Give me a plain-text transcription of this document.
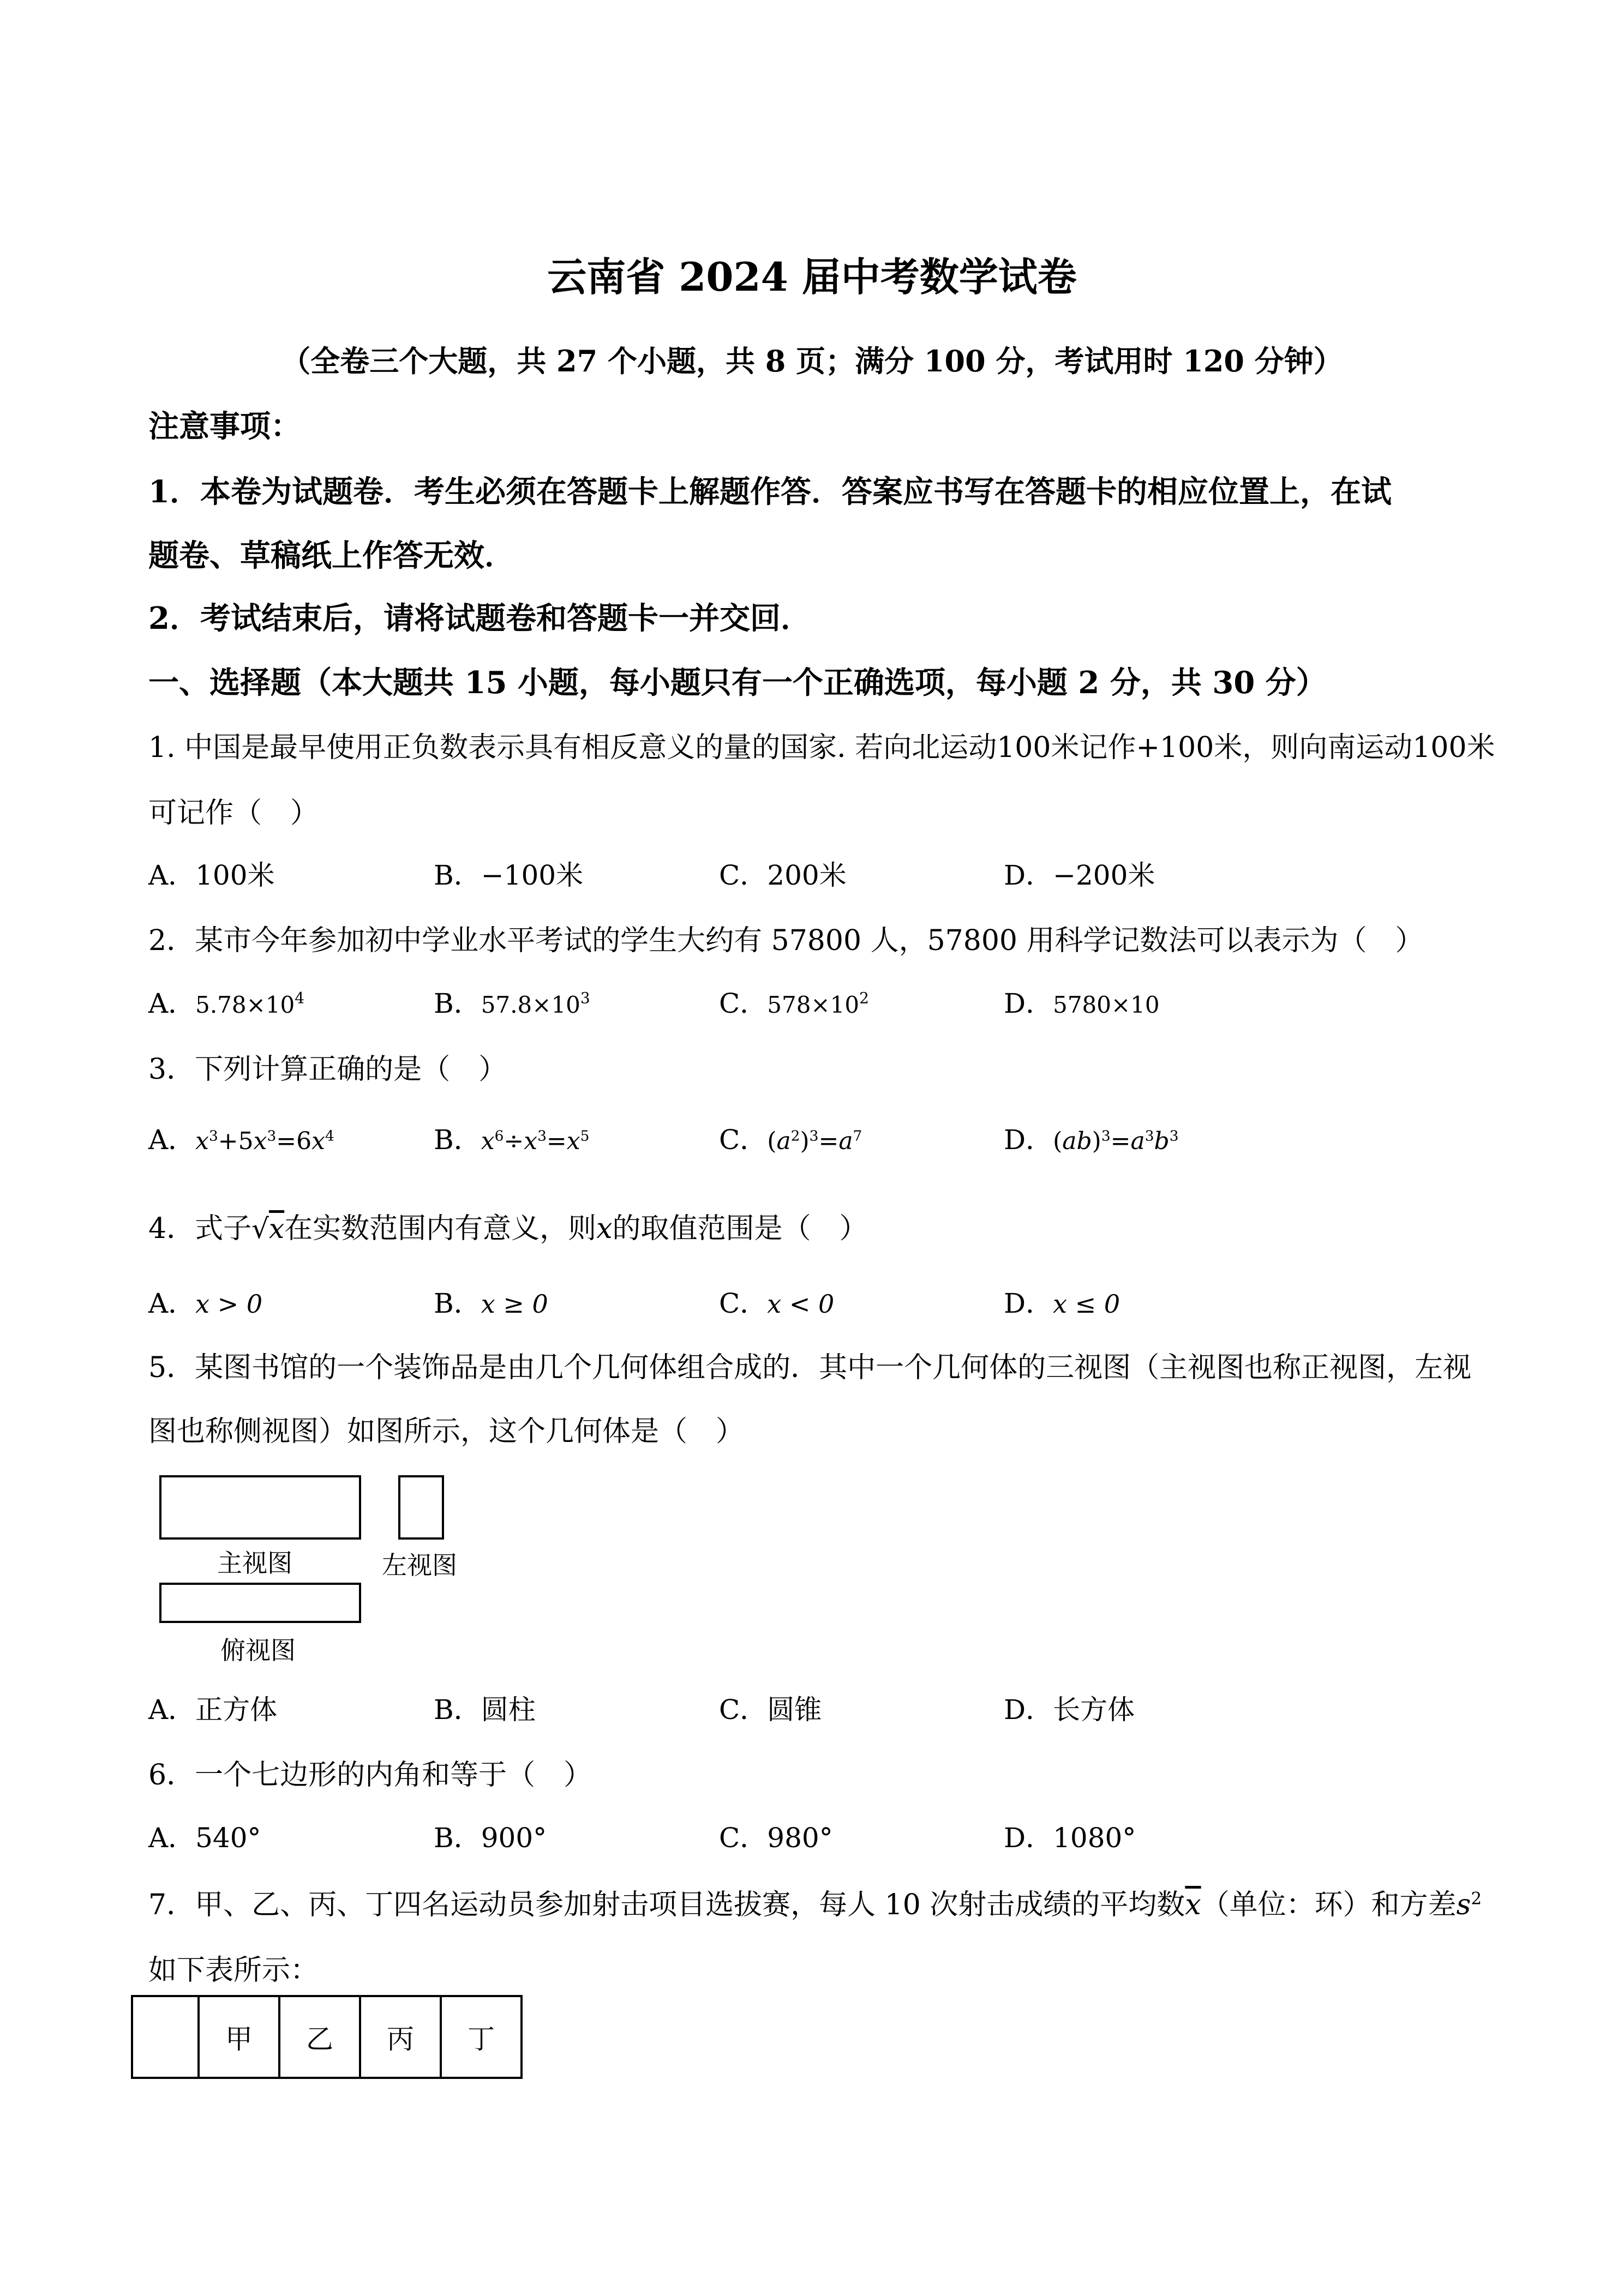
云南省 2024 届中考数学试卷
（全卷三个大题，共 27 个小题，共 8 页；满分 100 分，考试用时 120 分钟）
注意事项：
1．本卷为试题卷．考生必须在答题卡上解题作答．答案应书写在答题卡的相应位置上，在试
题卷、草稿纸上作答无效．
2．考试结束后，请将试题卷和答题卡一并交回．
一、选择题（本大题共 15 小题，每小题只有一个正确选项，每小题 2 分，共 30 分）
1. 中国是最早使用正负数表示具有相反意义的量的国家. 若向北运动100米记作+100米，则向南运动100米
可记作（　）
A．100米	B．−100米	C．200米	D．−200米
2．某市今年参加初中学业水平考试的学生大约有 57800 人，57800 用科学记数法可以表示为（　）
A．$5.78\times 10^4$	B．$57.8\times 10^3$	C．$578\times 10^2$	D．5780×10
3．下列计算正确的是（　）
A．$x^3+5x^3=6x^4$	B．$x^6\div x^3=x^5$	C．$(a^2)^3=a^7$	D．$(ab)^3=a^3b^3$
4．式子√x在实数范围内有意义，则x的取值范围是（　）
A．x > 0	B．x ≥ 0	C．x < 0	D．x ≤ 0
5．某图书馆的一个装饰品是由几个几何体组合成的．其中一个几何体的三视图（主视图也称正视图，左视
图也称侧视图）如图所示，这个几何体是（　）
主视图	左视图
俯视图
A．正方体	B．圆柱	C．圆锥	D．长方体
6．一个七边形的内角和等于（　）
A．540°	B．900°	C．980°	D．1080°
7．甲、乙、丙、丁四名运动员参加射击项目选拔赛，每人 10 次射击成绩的平均数$\overline{x}$（单位：环）和方差$s^2$
如下表所示：
	甲	乙	丙	丁
